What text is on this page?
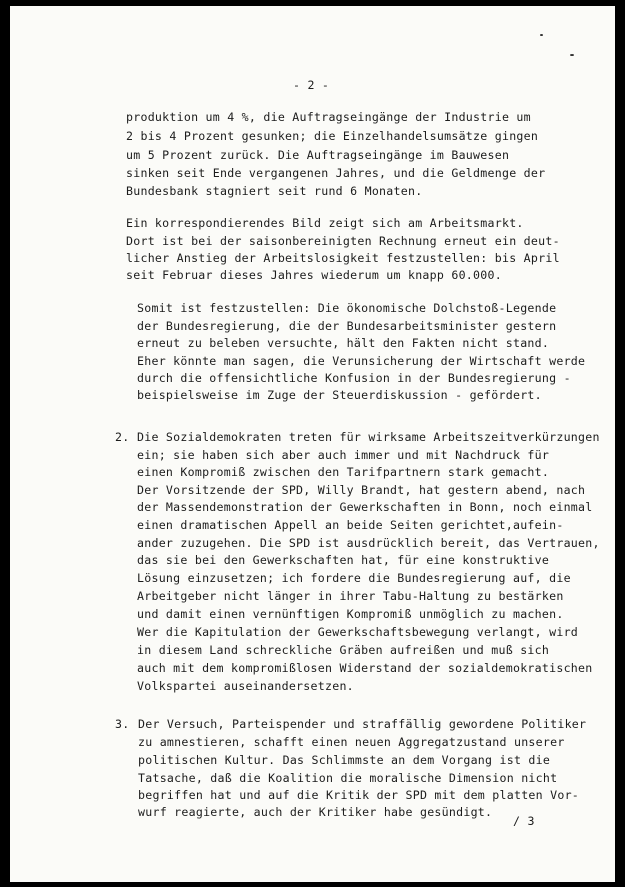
- 2 -
produktion um 4 %, die Auftragseingänge der Industrie um
2 bis 4 Prozent gesunken; die Einzelhandelsumsätze gingen
um 5 Prozent zurück. Die Auftragseingänge im Bauwesen
sinken seit Ende vergangenen Jahres, und die Geldmenge der
Bundesbank stagniert seit rund 6 Monaten.
Ein korrespondierendes Bild zeigt sich am Arbeitsmarkt.
Dort ist bei der saisonbereinigten Rechnung erneut ein deut-
licher Anstieg der Arbeitslosigkeit festzustellen: bis April
seit Februar dieses Jahres wiederum um knapp 60.000.
Somit ist festzustellen: Die ökonomische Dolchstoß-Legende
der Bundesregierung, die der Bundesarbeitsminister gestern
erneut zu beleben versuchte, hält den Fakten nicht stand.
Eher könnte man sagen, die Verunsicherung der Wirtschaft werde
durch die offensichtliche Konfusion in der Bundesregierung -
beispielsweise im Zuge der Steuerdiskussion - gefördert.
2. Die Sozialdemokraten treten für wirksame Arbeitszeitverkürzungen
ein; sie haben sich aber auch immer und mit Nachdruck für
einen Kompromiß zwischen den Tarifpartnern stark gemacht.
Der Vorsitzende der SPD, Willy Brandt, hat gestern abend, nach
der Massendemonstration der Gewerkschaften in Bonn, noch einmal
einen dramatischen Appell an beide Seiten gerichtet,aufein-
ander zuzugehen. Die SPD ist ausdrücklich bereit, das Vertrauen,
das sie bei den Gewerkschaften hat, für eine konstruktive
Lösung einzusetzen; ich fordere die Bundesregierung auf, die
Arbeitgeber nicht länger in ihrer Tabu-Haltung zu bestärken
und damit einen vernünftigen Kompromiß unmöglich zu machen.
Wer die Kapitulation der Gewerkschaftsbewegung verlangt, wird
in diesem Land schreckliche Gräben aufreißen und muß sich
auch mit dem kompromißlosen Widerstand der sozialdemokratischen
Volkspartei auseinandersetzen.
3. Der Versuch, Parteispender und straffällig gewordene Politiker
zu amnestieren, schafft einen neuen Aggregatzustand unserer
politischen Kultur. Das Schlimmste an dem Vorgang ist die
Tatsache, daß die Koalition die moralische Dimension nicht
begriffen hat und auf die Kritik der SPD mit dem platten Vor-
wurf reagierte, auch der Kritiker habe gesündigt.
/ 3
